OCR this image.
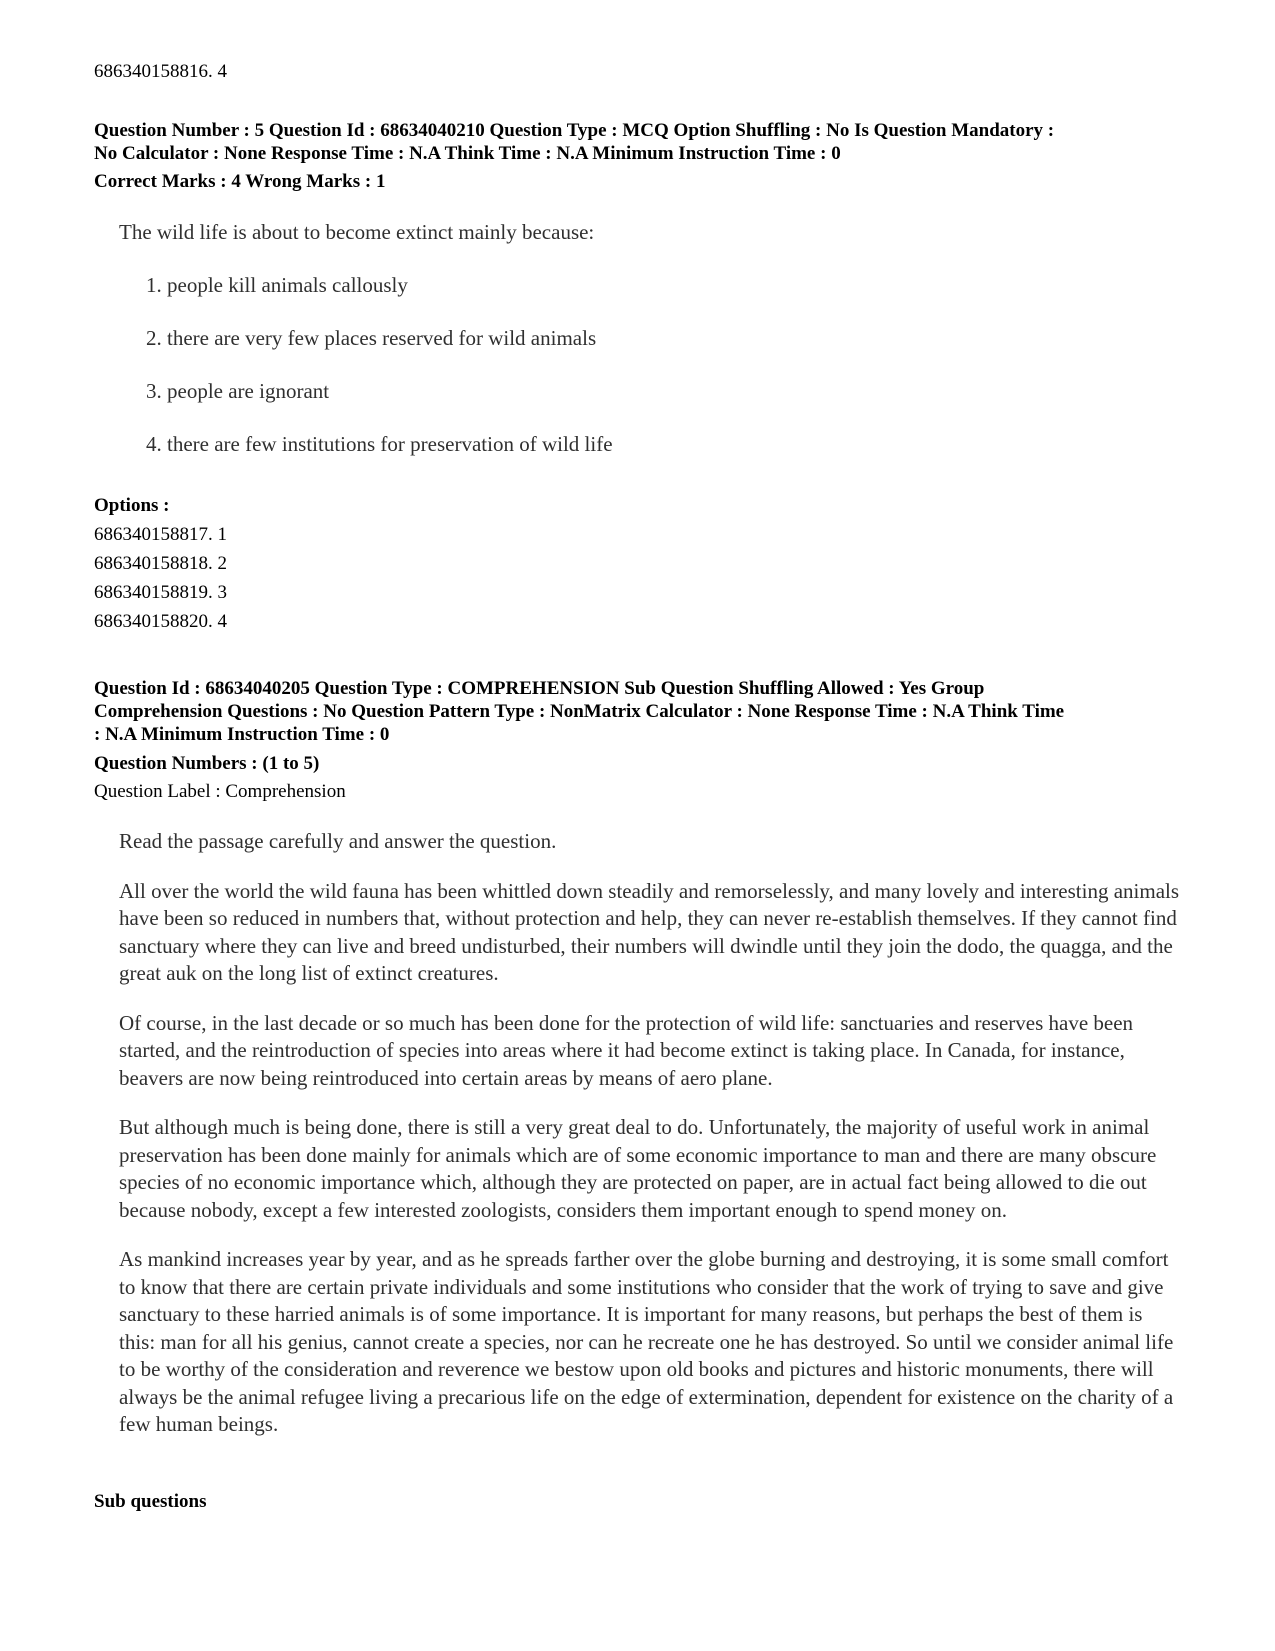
686340158816. 4
Question Number : 5 Question Id : 68634040210 Question Type : MCQ Option Shuffling : No Is Question Mandatory :
No Calculator : None Response Time : N.A Think Time : N.A Minimum Instruction Time : 0
Correct Marks : 4 Wrong Marks : 1
The wild life is about to become extinct mainly because:
1. people kill animals callously
2. there are very few places reserved for wild animals
3. people are ignorant
4. there are few institutions for preservation of wild life
Options :
686340158817. 1
686340158818. 2
686340158819. 3
686340158820. 4
Question Id : 68634040205 Question Type : COMPREHENSION Sub Question Shuffling Allowed : Yes Group
Comprehension Questions : No Question Pattern Type : NonMatrix Calculator : None Response Time : N.A Think Time
: N.A Minimum Instruction Time : 0
Question Numbers : (1 to 5)
Question Label : Comprehension

Read the passage carefully and answer the question.

All over the world the wild fauna has been whittled down steadily and remorselessly, and many lovely and interesting animals have been so reduced in numbers that, without protection and help, they can never re-establish themselves. If they cannot find sanctuary where they can live and breed undisturbed, their numbers will dwindle until they join the dodo, the quagga, and the great auk on the long list of extinct creatures.

Of course, in the last decade or so much has been done for the protection of wild life: sanctuaries and reserves have been started, and the reintroduction of species into areas where it had become extinct is taking place. In Canada, for instance, beavers are now being reintroduced into certain areas by means of aero plane.

But although much is being done, there is still a very great deal to do. Unfortunately, the majority of useful work in animal preservation has been done mainly for animals which are of some economic importance to man and there are many obscure species of no economic importance which, although they are protected on paper, are in actual fact being allowed to die out because nobody, except a few interested zoologists, considers them important enough to spend money on.

As mankind increases year by year, and as he spreads farther over the globe burning and destroying, it is some small comfort to know that there are certain private individuals and some institutions who consider that the work of trying to save and give sanctuary to these harried animals is of some importance. It is important for many reasons, but perhaps the best of them is this: man for all his genius, cannot create a species, nor can he recreate one he has destroyed. So until we consider animal life to be worthy of the consideration and reverence we bestow upon old books and pictures and historic monuments, there will always be the animal refugee living a precarious life on the edge of extermination, dependent for existence on the charity of a few human beings.

Sub questions
